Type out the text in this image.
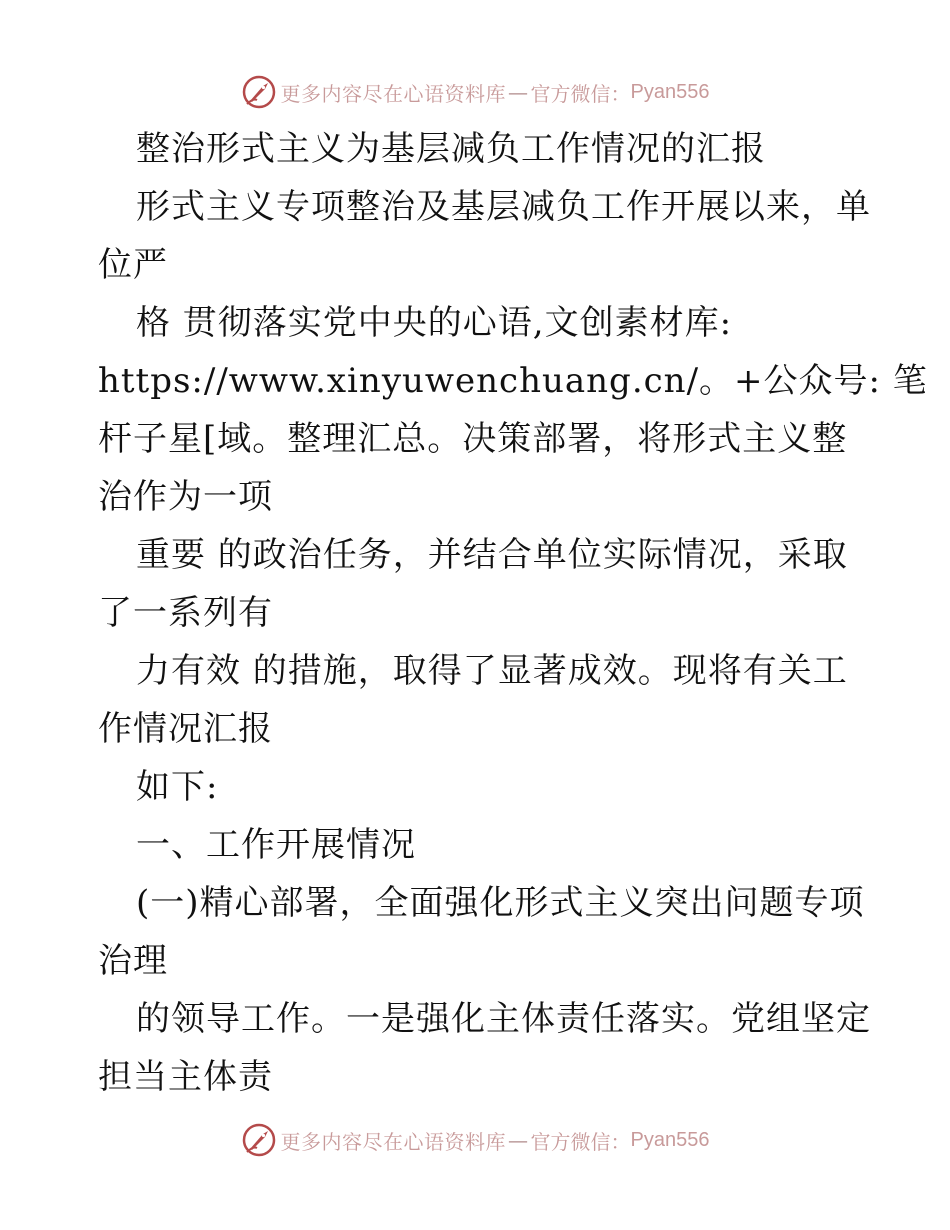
更多内容尽在心语资料库 — 官方微信： Pyan556

整治形式主义为基层减负工作情况的汇报

形式主义专项整治及基层减负工作开展以来，单

位严

格 贯彻落实党中央的心语,文创素材库:

https://www.xinyuwenchuang.cn/。+公众号: 笔

杆子星[域。整理汇总。决策部署，将形式主义整

治作为一项

重要 的政治任务，并结合单位实际情况，采取

了一系列有

力有效 的措施，取得了显著成效。现将有关工

作情况汇报

如下:

一、工作开展情况

(一)精心部署，全面强化形式主义突出问题专项

治理

的领导工作。一是强化主体责任落实。党组坚定

担当主体责

更多内容尽在心语资料库 — 官方微信： Pyan556
